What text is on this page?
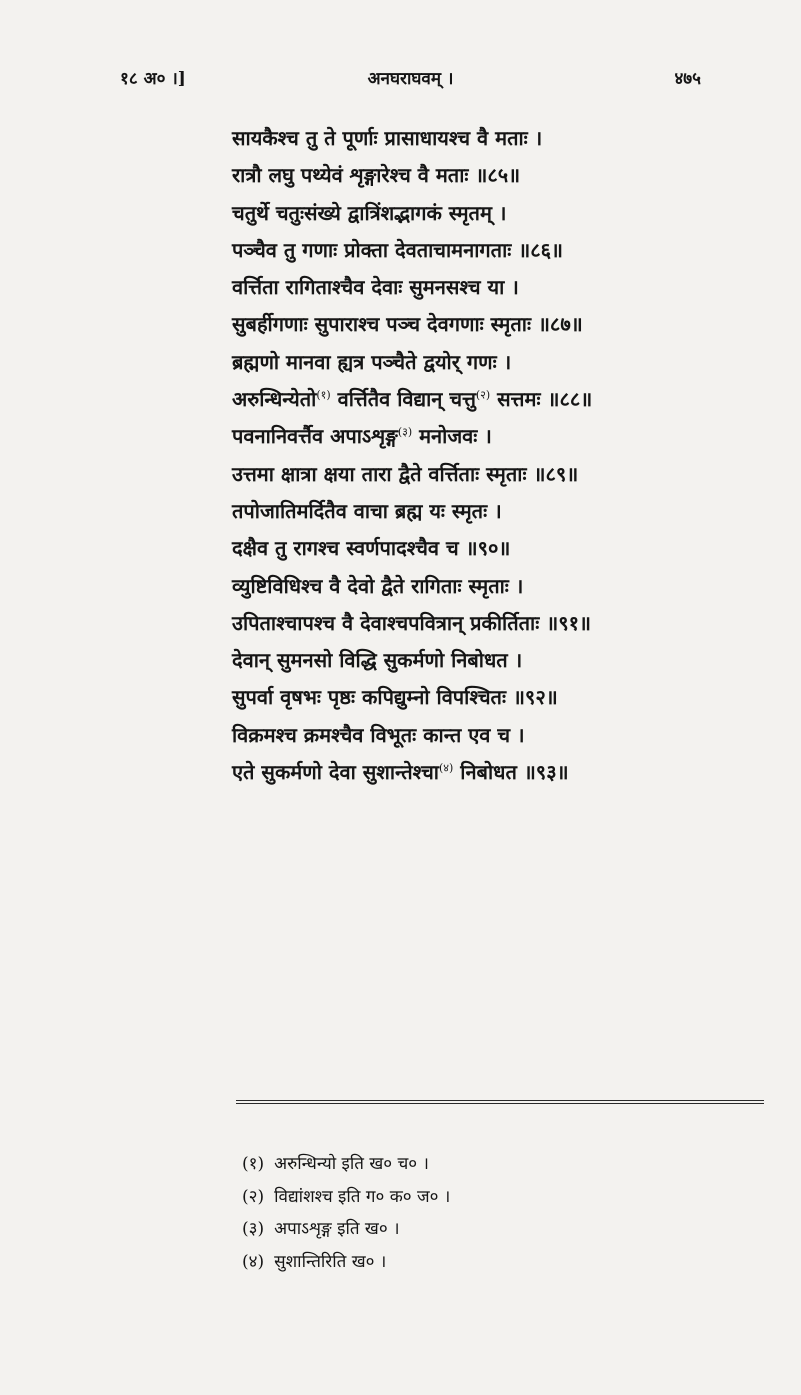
१८ अ० ।]	अनघराघवम् ।	४७५
सायकैश्च तु ते पूर्णाः प्रासाधायश्च वै मताः ।
रात्रौ लघु पथ्येवं शृङ्गारेश्च वै मताः ॥८५॥
चतुर्थे चतुःसंख्ये द्वात्रिंशद्भागकं स्मृतम् ।
पञ्चैव तु गणाः प्रोक्ता देवताचामनागताः ॥८६॥
वर्त्तिता रागिताश्चैव देवाः सुमनसश्च या ।
सुबर्हीगणाः सुपाराश्च पञ्च देवगणाः स्मृताः ॥८७॥
ब्रह्मणो मानवा ह्यत्र पञ्चैते द्वयोर् गणः ।
अरुन्धिन्येतो$^{(१)}$ वर्त्तितैव विद्यान् चत्तु$^{(२)}$ सत्तमः ॥८८॥
पवनानिवर्त्तैव अपाऽशृङ्ग$^{(३)}$ मनोजवः ।
उत्तमा क्षात्रा क्षया तारा द्वैते वर्त्तिताः स्मृताः ॥८९॥
तपोजातिमर्दितैव वाचा ब्रह्म यः स्मृतः ।
दक्षैव तु रागश्च स्वर्णपादश्चैव च ॥९०॥
व्युष्टिविधिश्च वै देवो द्वैते रागिताः स्मृताः ।
उपिताश्चापश्च वै देवाश्चपवित्रान् प्रकीर्तिताः ॥९१॥
देवान् सुमनसो विद्धि सुकर्मणो निबोधत ।
सुपर्वा वृषभः पृष्ठः कपिद्युम्नो विपश्चितः ॥९२॥
विक्रमश्च क्रमश्चैव विभूतः कान्त एव च ।
एते सुकर्मणो देवा सुशान्तेश्चा$^{(४)}$ निबोधत ॥९३॥
(१) अरुन्धिन्यो इति ख० च० ।
(२) विद्यांशश्च इति ग० क० ज० ।
(३) अपाऽशृङ्ग इति ख० ।
(४) सुशान्तिरिति ख० ।
